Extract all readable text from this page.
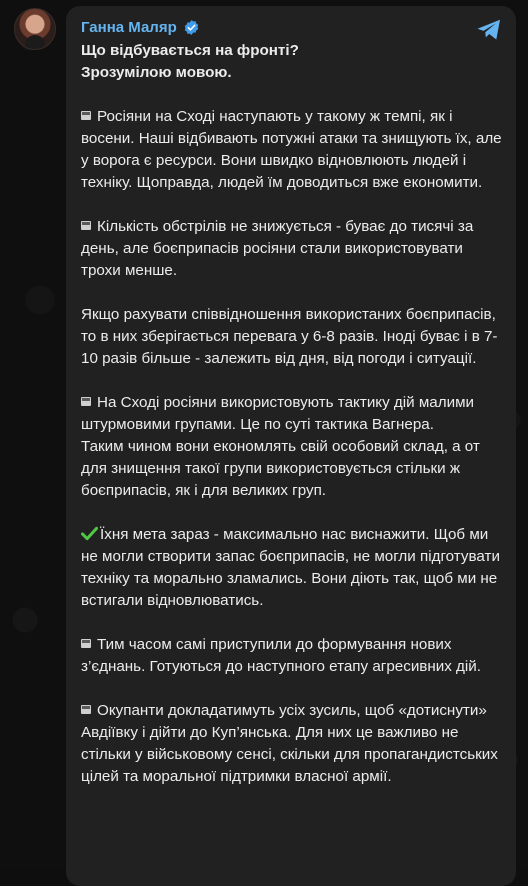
Ганна Маляр
Що відбувається на фронті?
Зрозумілою мовою.
Росіяни на Сході наступають у такому ж темпі, як і восени. Наші відбивають потужні атаки та знищують їх, але у ворога є ресурси. Вони швидко відновлюють людей і техніку. Щоправда, людей їм доводиться вже економити.
Кількість обстрілів не знижується - буває до тисячі за день, але боєприпасів росіяни стали використовувати трохи менше.
Якщо рахувати співвідношення використаних боєприпасів, то в них зберігається перевага у 6-8 разів. Іноді буває і в 7-10 разів більше - залежить від дня, від погоди і ситуації.
На Сході росіяни використовують тактику дій малими штурмовими групами. Це по суті тактика Вагнера.
Таким чином вони економлять свій особовий склад, а от для знищення такої групи використовується стільки ж боєприпасів, як і для великих груп.
Їхня мета зараз - максимально нас виснажити. Щоб ми не могли створити запас боєприпасів, не могли підготувати техніку та морально зламались. Вони діють так, щоб ми не встигали відновлюватись.
Тим часом самі приступили до формування нових з’єднань. Готуються до наступного етапу агресивних дій.
Окупанти докладатимуть усіх зусиль, щоб «дотиснути» Авдіївку і дійти до Куп’янська. Для них це важливо не стільки у військовому сенсі, скільки для пропагандистських цілей та моральної підтримки власної армії.
